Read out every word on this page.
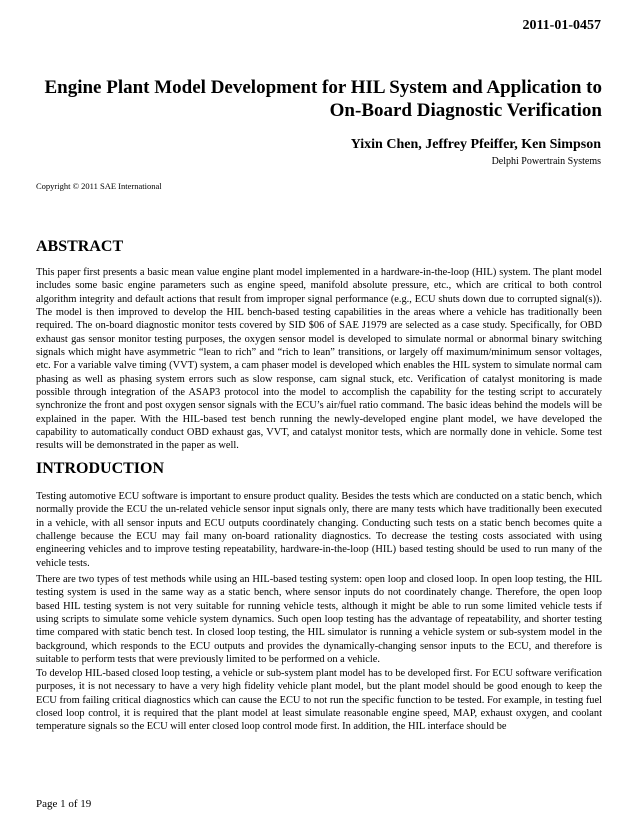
2011-01-0457
Engine Plant Model Development for HIL System and Application to On-Board Diagnostic Verification
Yixin Chen, Jeffrey Pfeiffer, Ken Simpson
Delphi Powertrain Systems
Copyright © 2011 SAE International
ABSTRACT

This paper first presents a basic mean value engine plant model implemented in a hardware-in-the-loop (HIL) system. The plant model includes some basic engine parameters such as engine speed, manifold absolute pressure, etc., which are critical to both control algorithm integrity and default actions that result from improper signal performance (e.g., ECU shuts down due to corrupted signal(s)). The model is then improved to develop the HIL bench-based testing capabilities in the areas where a vehicle has traditionally been required. The on-board diagnostic monitor tests covered by SID $06 of SAE J1979 are selected as a case study. Specifically, for OBD exhaust gas sensor monitor testing purposes, the oxygen sensor model is developed to simulate normal or abnormal binary switching signals which might have asymmetric “lean to rich” and “rich to lean” transitions, or largely off maximum/minimum sensor voltages, etc. For a variable valve timing (VVT) system, a cam phaser model is developed which enables the HIL system to simulate normal cam phasing as well as phasing system errors such as slow response, cam signal stuck, etc. Verification of catalyst monitoring is made possible through integration of the ASAP3 protocol into the model to accomplish the capability for the testing script to accurately synchronize the front and post oxygen sensor signals with the ECU’s air/fuel ratio command. The basic ideas behind the models will be explained in the paper. With the HIL-based test bench running the newly-developed engine plant model, we have developed the capability to automatically conduct OBD exhaust gas, VVT, and catalyst monitor tests, which are normally done in vehicle. Some test results will be demonstrated in the paper as well.

INTRODUCTION

Testing automotive ECU software is important to ensure product quality. Besides the tests which are conducted on a static bench, which normally provide the ECU the un-related vehicle sensor input signals only, there are many tests which have traditionally been executed in a vehicle, with all sensor inputs and ECU outputs coordinately changing. Conducting such tests on a static bench becomes quite a challenge because the ECU may fail many on-board rationality diagnostics. To decrease the testing costs associated with using engineering vehicles and to improve testing repeatability, hardware-in-the-loop (HIL) based testing should be used to run many of the vehicle tests.

There are two types of test methods while using an HIL-based testing system: open loop and closed loop. In open loop testing, the HIL testing system is used in the same way as a static bench, where sensor inputs do not coordinately change. Therefore, the open loop based HIL testing system is not very suitable for running vehicle tests, although it might be able to run some limited vehicle tests if using scripts to simulate some vehicle system dynamics. Such open loop testing has the advantage of repeatability, and shorter testing time compared with static bench test. In closed loop testing, the HIL simulator is running a vehicle system or sub-system model in the background, which responds to the ECU outputs and provides the dynamically-changing sensor inputs to the ECU, and therefore is suitable to perform tests that were previously limited to be performed on a vehicle.

To develop HIL-based closed loop testing, a vehicle or sub-system plant model has to be developed first. For ECU software verification purposes, it is not necessary to have a very high fidelity vehicle plant model, but the plant model should be good enough to keep the ECU from failing critical diagnostics which can cause the ECU to not run the specific function to be tested. For example, in testing fuel closed loop control, it is required that the plant model at least simulate reasonable engine speed, MAP, exhaust oxygen, and coolant temperature signals so the ECU will enter closed loop control mode first. In addition, the HIL interface should be

Page 1 of 19
